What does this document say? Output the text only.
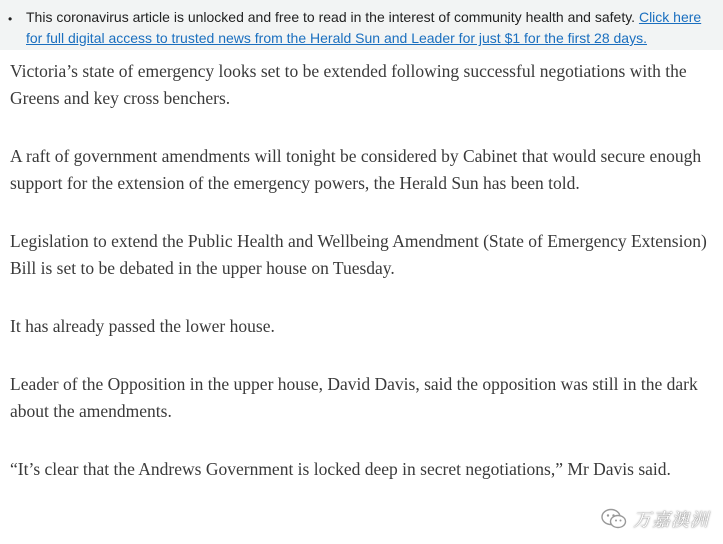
• This coronavirus article is unlocked and free to read in the interest of community health and safety. Click here for full digital access to trusted news from the Herald Sun and Leader for just $1 for the first 28 days.

Victoria’s state of emergency looks set to be extended following successful negotiations with the Greens and key cross benchers.

A raft of government amendments will tonight be considered by Cabinet that would secure enough support for the extension of the emergency powers, the Herald Sun has been told.

Legislation to extend the Public Health and Wellbeing Amendment (State of Emergency Extension) Bill is set to be debated in the upper house on Tuesday.

It has already passed the lower house.

Leader of the Opposition in the upper house, David Davis, said the opposition was still in the dark about the amendments.

“It’s clear that the Andrews Government is locked deep in secret negotiations,” Mr Davis said.

万嘉澳洲
